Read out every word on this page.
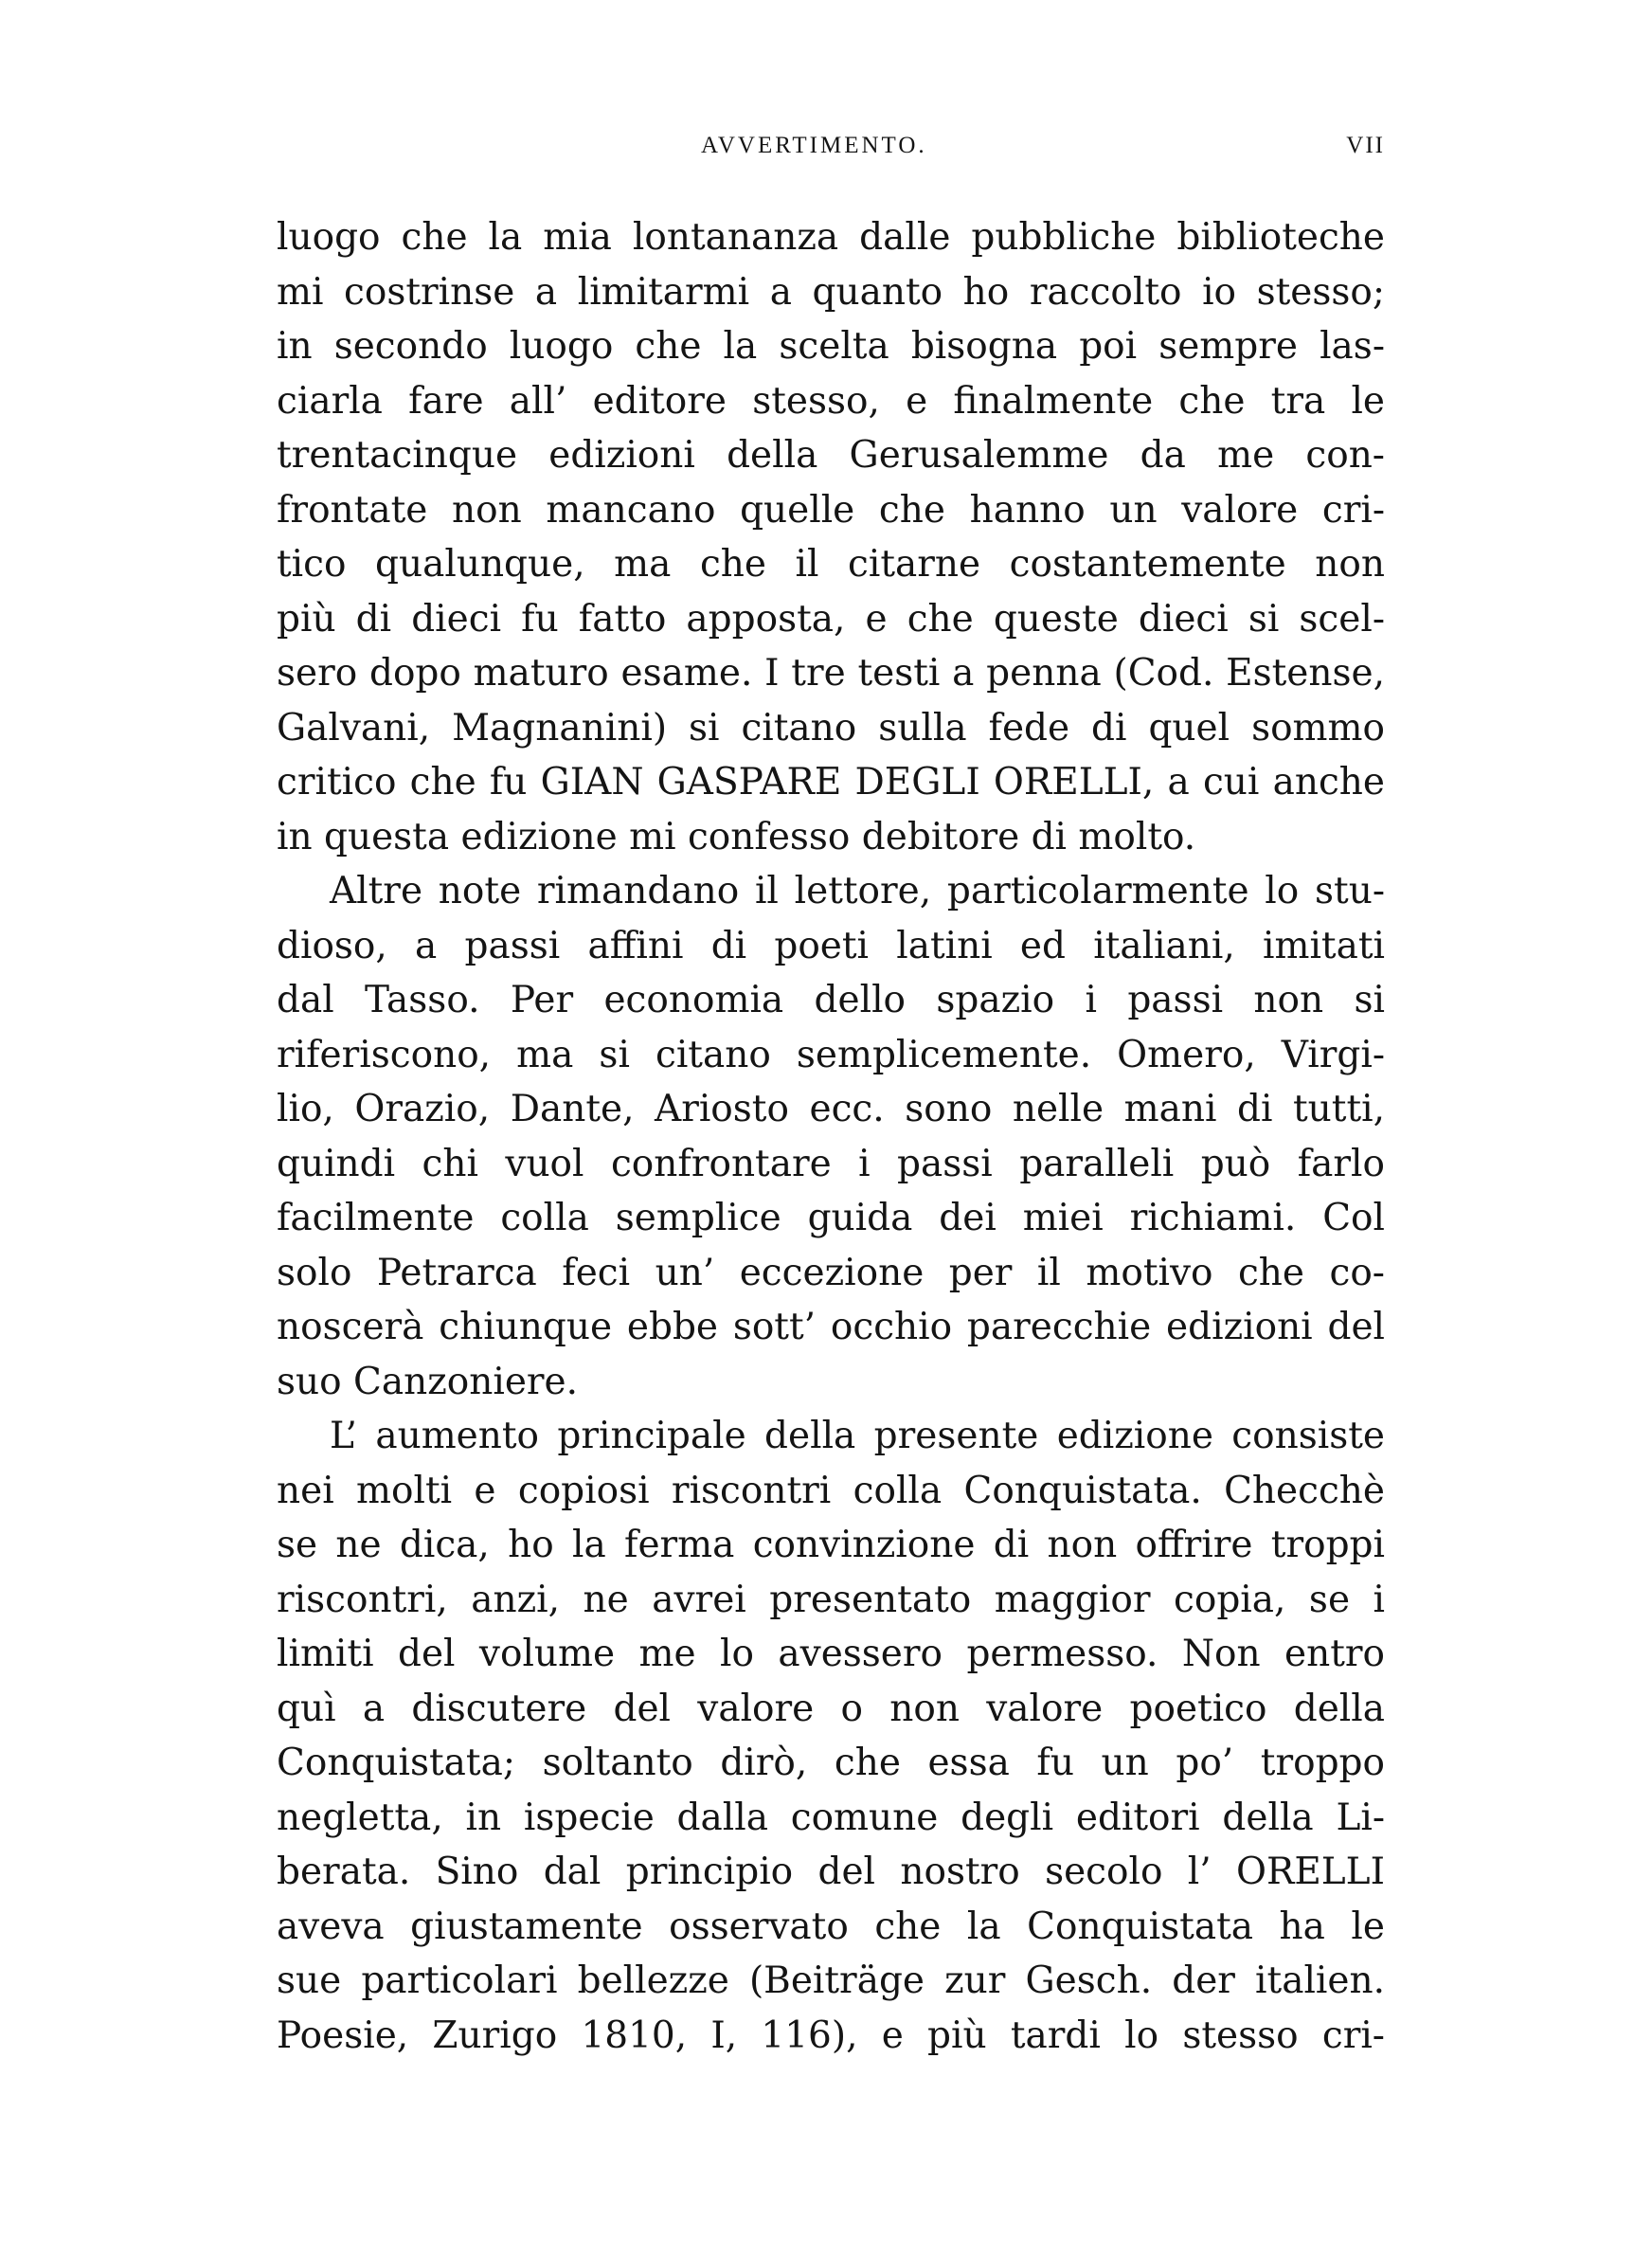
AVVERTIMENTO.	VII
luogo che la mia lontananza dalle pubbliche biblioteche
mi costrinse a limitarmi a quanto ho raccolto io stesso;
in secondo luogo che la scelta bisogna poi sempre las-
ciarla fare all’ editore stesso, e finalmente che tra le
trentacinque edizioni della Gerusalemme da me con-
frontate non mancano quelle che hanno un valore cri-
tico qualunque, ma che il citarne costantemente non
più di dieci fu fatto apposta, e che queste dieci si scel-
sero dopo maturo esame. I tre testi a penna (Cod. Estense,
Galvani, Magnanini) si citano sulla fede di quel sommo
critico che fu GIAN GASPARE DEGLI ORELLI, a cui anche
in questa edizione mi confesso debitore di molto.
Altre note rimandano il lettore, particolarmente lo stu-
dioso, a passi affini di poeti latini ed italiani, imitati
dal Tasso. Per economia dello spazio i passi non si
riferiscono, ma si citano semplicemente. Omero, Virgi-
lio, Orazio, Dante, Ariosto ecc. sono nelle mani di tutti,
quindi chi vuol confrontare i passi paralleli può farlo
facilmente colla semplice guida dei miei richiami. Col
solo Petrarca feci un’ eccezione per il motivo che co-
noscerà chiunque ebbe sott’ occhio parecchie edizioni del
suo Canzoniere.
L’ aumento principale della presente edizione consiste
nei molti e copiosi riscontri colla Conquistata. Checchè
se ne dica, ho la ferma convinzione di non offrire troppi
riscontri, anzi, ne avrei presentato maggior copia, se i
limiti del volume me lo avessero permesso. Non entro
quì a discutere del valore o non valore poetico della
Conquistata; soltanto dirò, che essa fu un po’ troppo
negletta, in ispecie dalla comune degli editori della Li-
berata. Sino dal principio del nostro secolo l’ ORELLI
aveva giustamente osservato che la Conquistata ha le
sue particolari bellezze (Beiträge zur Gesch. der italien.
Poesie, Zurigo 1810, I, 116), e più tardi lo stesso cri-
